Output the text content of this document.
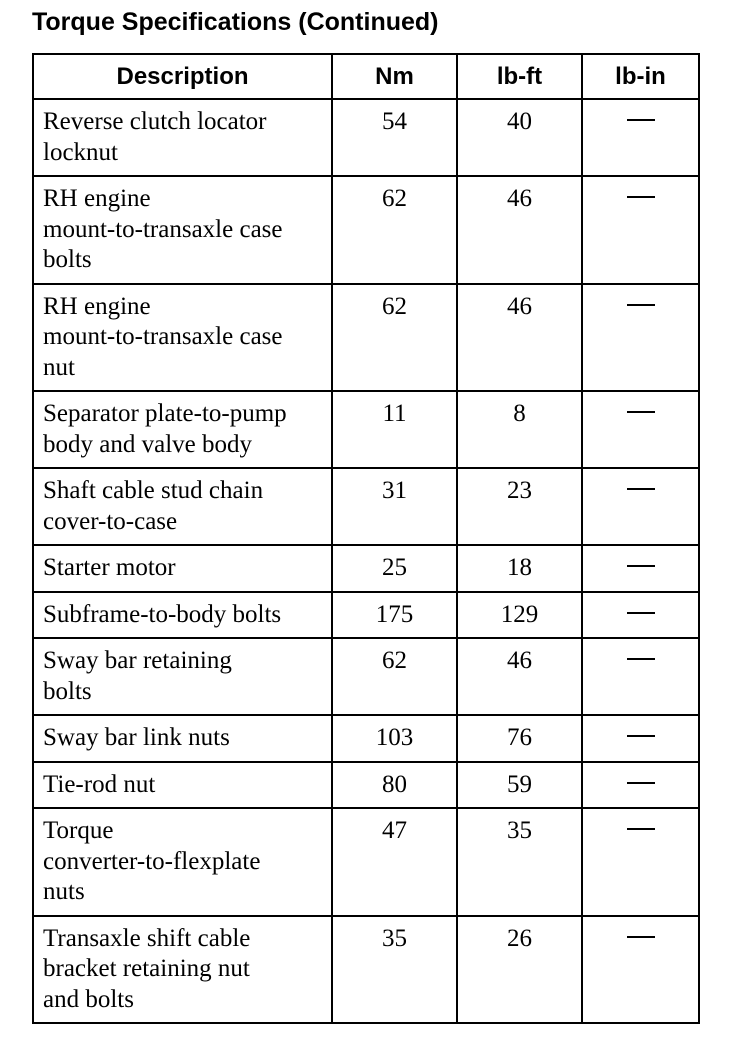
Torque Specifications (Continued)
Description	Nm	lb-ft	lb-in

Reverse clutch locator
locknut	54	40	

RH engine
mount-to-transaxle case
bolts	62	46	

RH engine
mount-to-transaxle case
nut	62	46	

Separator plate-to-pump
body and valve body	11	8	

Shaft cable stud chain
cover-to-case	31	23	

Starter motor	25	18	

Subframe-to-body bolts	175	129	

Sway bar retaining
bolts	62	46	

Sway bar link nuts	103	76	

Tie-rod nut	80	59	

Torque
converter-to-flexplate
nuts	47	35	

Transaxle shift cable
bracket retaining nut
and bolts	35	26	
